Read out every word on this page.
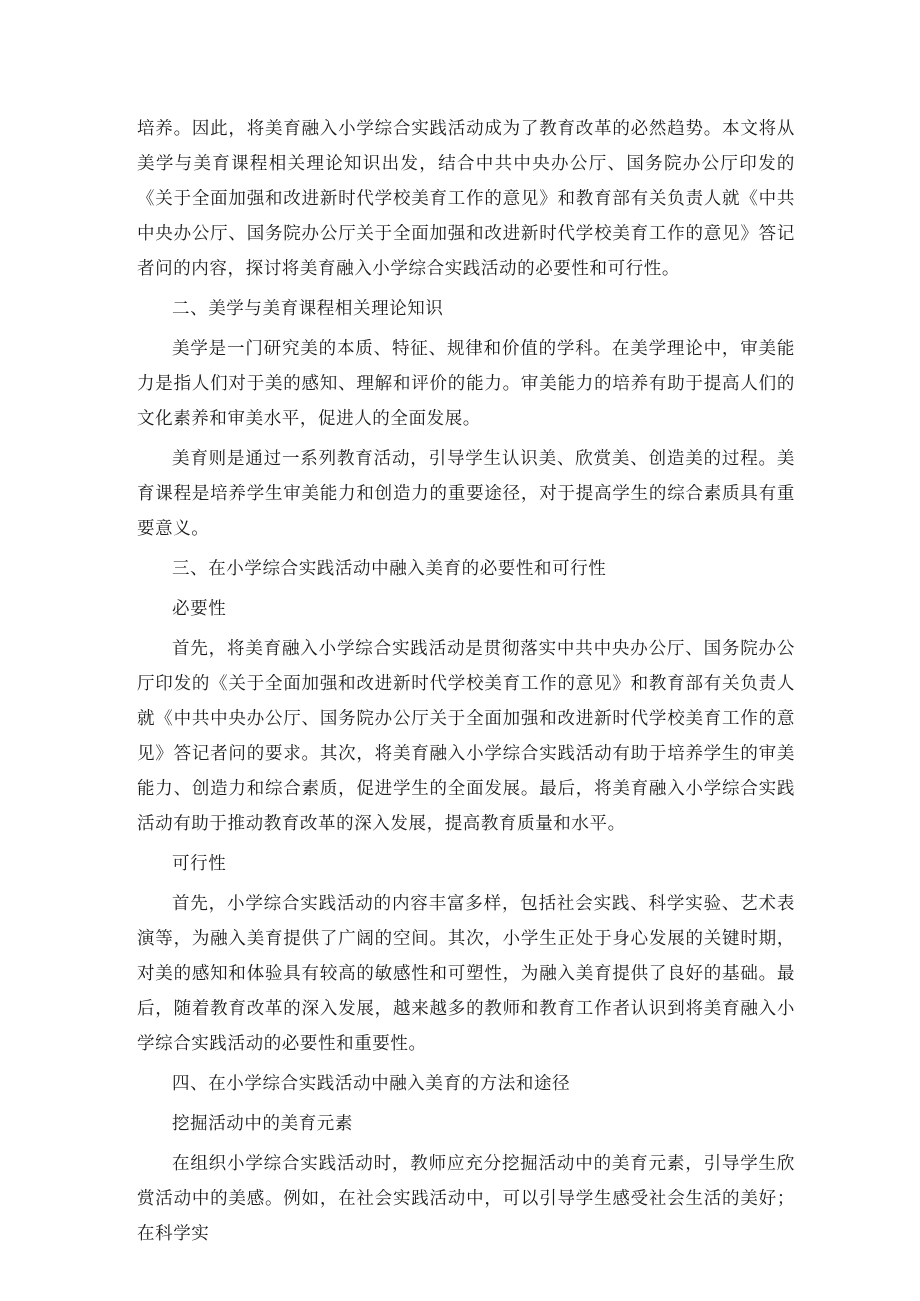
培养。因此，将美育融入小学综合实践活动成为了教育改革的必然趋势。本文将从美学与美育课程相关理论知识出发，结合中共中央办公厅、国务院办公厅印发的《关于全面加强和改进新时代学校美育工作的意见》和教育部有关负责人就《中共中央办公厅、国务院办公厅关于全面加强和改进新时代学校美育工作的意见》答记者问的内容，探讨将美育融入小学综合实践活动的必要性和可行性。

二、美学与美育课程相关理论知识

美学是一门研究美的本质、特征、规律和价值的学科。在美学理论中，审美能力是指人们对于美的感知、理解和评价的能力。审美能力的培养有助于提高人们的文化素养和审美水平，促进人的全面发展。

美育则是通过一系列教育活动，引导学生认识美、欣赏美、创造美的过程。美育课程是培养学生审美能力和创造力的重要途径，对于提高学生的综合素质具有重要意义。

三、在小学综合实践活动中融入美育的必要性和可行性

必要性

首先，将美育融入小学综合实践活动是贯彻落实中共中央办公厅、国务院办公厅印发的《关于全面加强和改进新时代学校美育工作的意见》和教育部有关负责人就《中共中央办公厅、国务院办公厅关于全面加强和改进新时代学校美育工作的意见》答记者问的要求。其次，将美育融入小学综合实践活动有助于培养学生的审美能力、创造力和综合素质，促进学生的全面发展。最后，将美育融入小学综合实践活动有助于推动教育改革的深入发展，提高教育质量和水平。

可行性

首先，小学综合实践活动的内容丰富多样，包括社会实践、科学实验、艺术表演等，为融入美育提供了广阔的空间。其次，小学生正处于身心发展的关键时期，对美的感知和体验具有较高的敏感性和可塑性，为融入美育提供了良好的基础。最后，随着教育改革的深入发展，越来越多的教师和教育工作者认识到将美育融入小学综合实践活动的必要性和重要性。

四、在小学综合实践活动中融入美育的方法和途径

挖掘活动中的美育元素

在组织小学综合实践活动时，教师应充分挖掘活动中的美育元素，引导学生欣赏活动中的美感。例如，在社会实践活动中，可以引导学生感受社会生活的美好；在科学实
